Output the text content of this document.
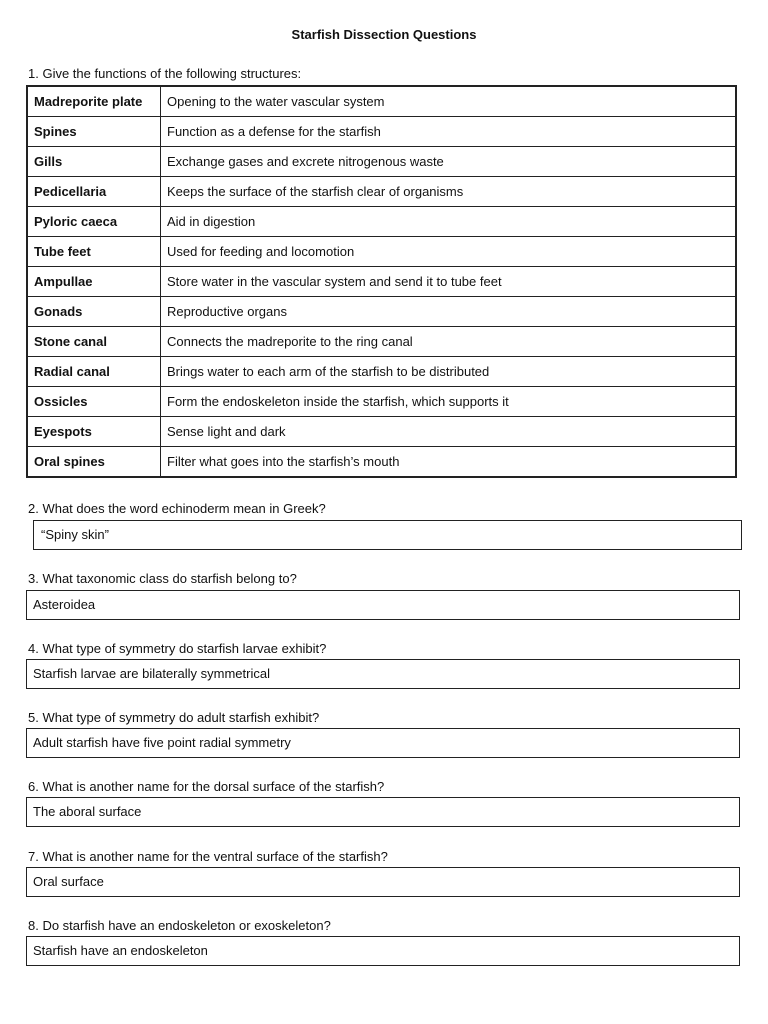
Starfish Dissection Questions
1. Give the functions of the following structures:
Madreporite plate	Opening to the water vascular system
Spines	Function as a defense for the starfish
Gills	Exchange gases and excrete nitrogenous waste
Pedicellaria	Keeps the surface of the starfish clear of organisms
Pyloric caeca	Aid in digestion
Tube feet	Used for feeding and locomotion
Ampullae	Store water in the vascular system and send it to tube feet
Gonads	Reproductive organs
Stone canal	Connects the madreporite to the ring canal
Radial canal	Brings water to each arm of the starfish to be distributed
Ossicles	Form the endoskeleton inside the starfish, which supports it
Eyespots	Sense light and dark
Oral spines	Filter what goes into the starfish’s mouth
2. What does the word echinoderm mean in Greek?
“Spiny skin”
3. What taxonomic class do starfish belong to?
Asteroidea
4. What type of symmetry do starfish larvae exhibit?
Starfish larvae are bilaterally symmetrical
5. What type of symmetry do adult starfish exhibit?
Adult starfish have five point radial symmetry
6. What is another name for the dorsal surface of the starfish?
The aboral surface
7. What is another name for the ventral surface of the starfish?
Oral surface
8. Do starfish have an endoskeleton or exoskeleton?
Starfish have an endoskeleton
